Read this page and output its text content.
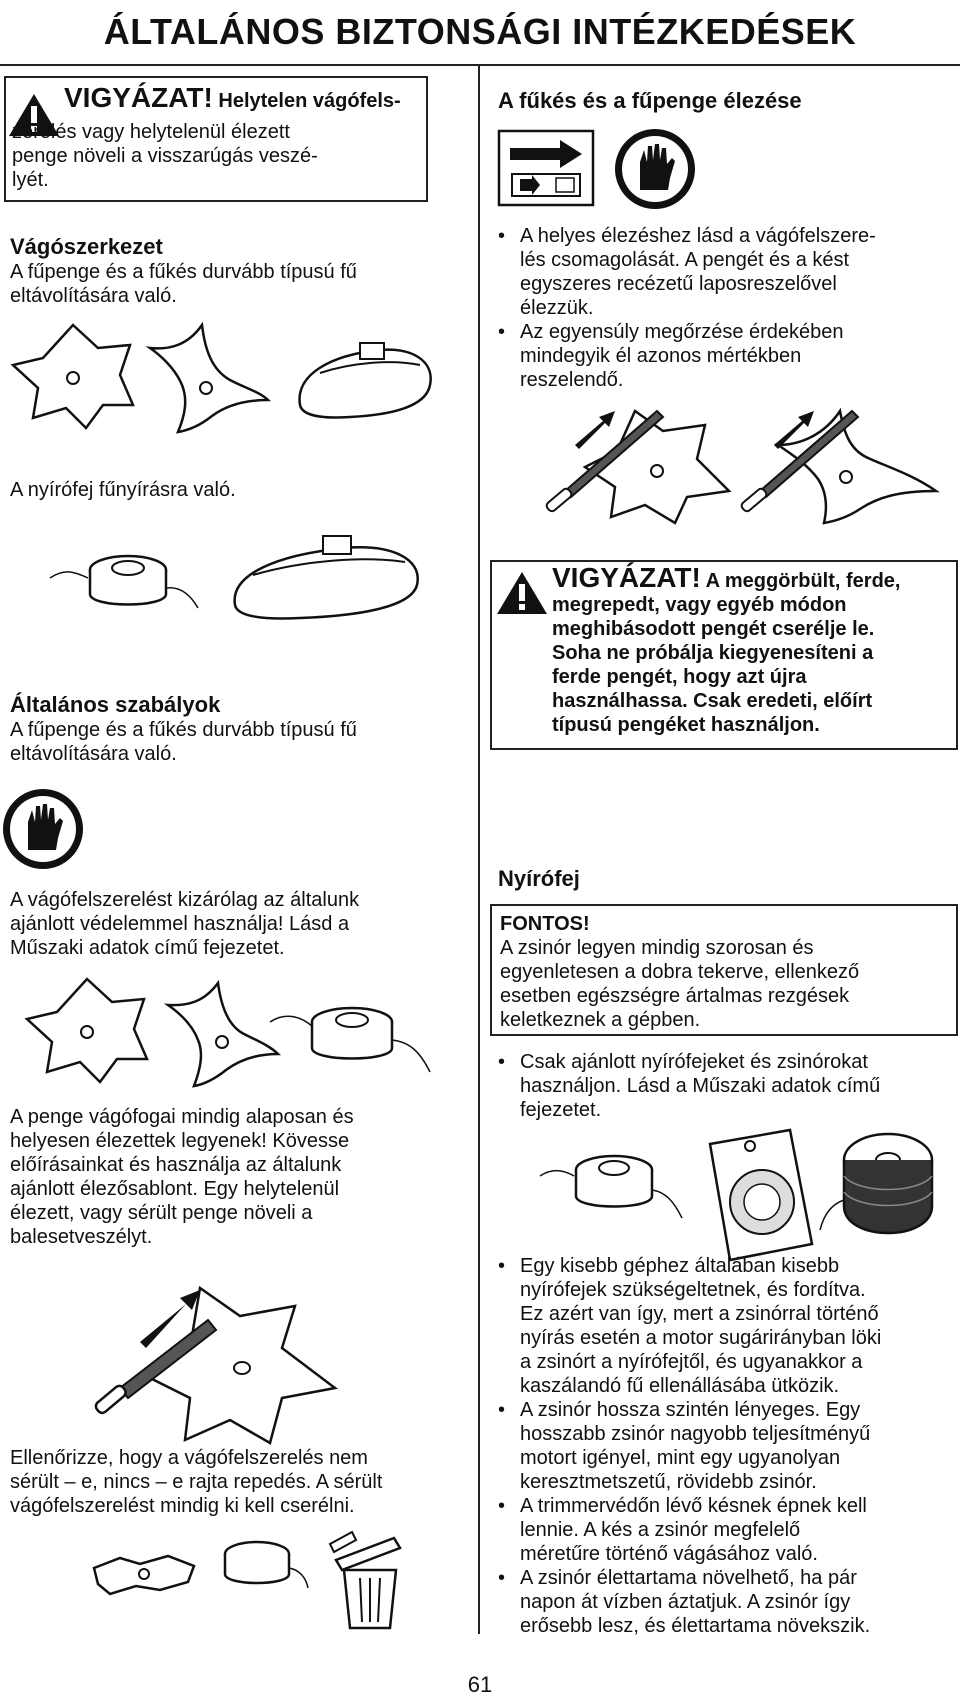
ÁLTALÁNOS BIZTONSÁGI INTÉZKEDÉSEK
VIGYÁZAT! Helytelen vágófels-
zerelés vagy helytelenül élezett
penge növeli a visszarúgás veszé-
lyét.
Vágószerkezet
A fűpenge és a fűkés durvább típusú fű
eltávolítására való.
A nyírófej fűnyírásra való.
Általános szabályok
A fűpenge és a fűkés durvább típusú fű
eltávolítására való.
A vágófelszerelést kizárólag az általunk
ajánlott védelemmel használja! Lásd a
Műszaki adatok című fejezetet.
A penge vágófogai mindig alaposan és
helyesen élezettek legyenek! Kövesse
előírásainkat és használja az általunk
ajánlott élezősablont. Egy helytelenül
élezett, vagy sérült penge növeli a
balesetveszélyt.
Ellenőrizze, hogy a vágófelszerelés nem
sérült – e, nincs – e rajta repedés. A sérült
vágófelszerelést mindig ki kell cserélni.
A fűkés és a fűpenge élezése
• A helyes élezéshez lásd a vágófelszere-
lés csomagolását. A pengét és a kést
egyszeres recézetű laposreszelővel
élezzük.
• Az egyensúly megőrzése érdekében
mindegyik él azonos mértékben
reszelendő.
VIGYÁZAT! A meggörbült, ferde,
megrepedt, vagy egyéb módon
meghibásodott pengét cserélje le.
Soha ne próbálja kiegyenesíteni a
ferde pengét, hogy azt újra
használhassa. Csak eredeti, előírt
típusú pengéket használjon.
Nyírófej
FONTOS!
A zsinór legyen mindig szorosan és
egyenletesen a dobra tekerve, ellenkező
esetben egészségre ártalmas rezgések
keletkeznek a gépben.
• Csak ajánlott nyírófejeket és zsinórokat
használjon. Lásd a Műszaki adatok című
fejezetet.
• Egy kisebb géphez általában kisebb
nyírófejek szükségeltetnek, és fordítva.
Ez azért van így, mert a zsinórral történő
nyírás esetén a motor sugárirányban löki
a zsinórt a nyírófejtől, és ugyanakkor a
kaszálandó fű ellenállásába ütközik.
• A zsinór hossza szintén lényeges. Egy
hosszabb zsinór nagyobb teljesítményű
motort igényel, mint egy ugyanolyan
keresztmetszetű, rövidebb zsinór.
• A trimmervédőn lévő késnek épnek kell
lennie. A kés a zsinór megfelelő
méretűre történő vágásához való.
• A zsinór élettartama növelhető, ha pár
napon át vízben áztatjuk. A zsinór így
erősebb lesz, és élettartama növekszik.
61
